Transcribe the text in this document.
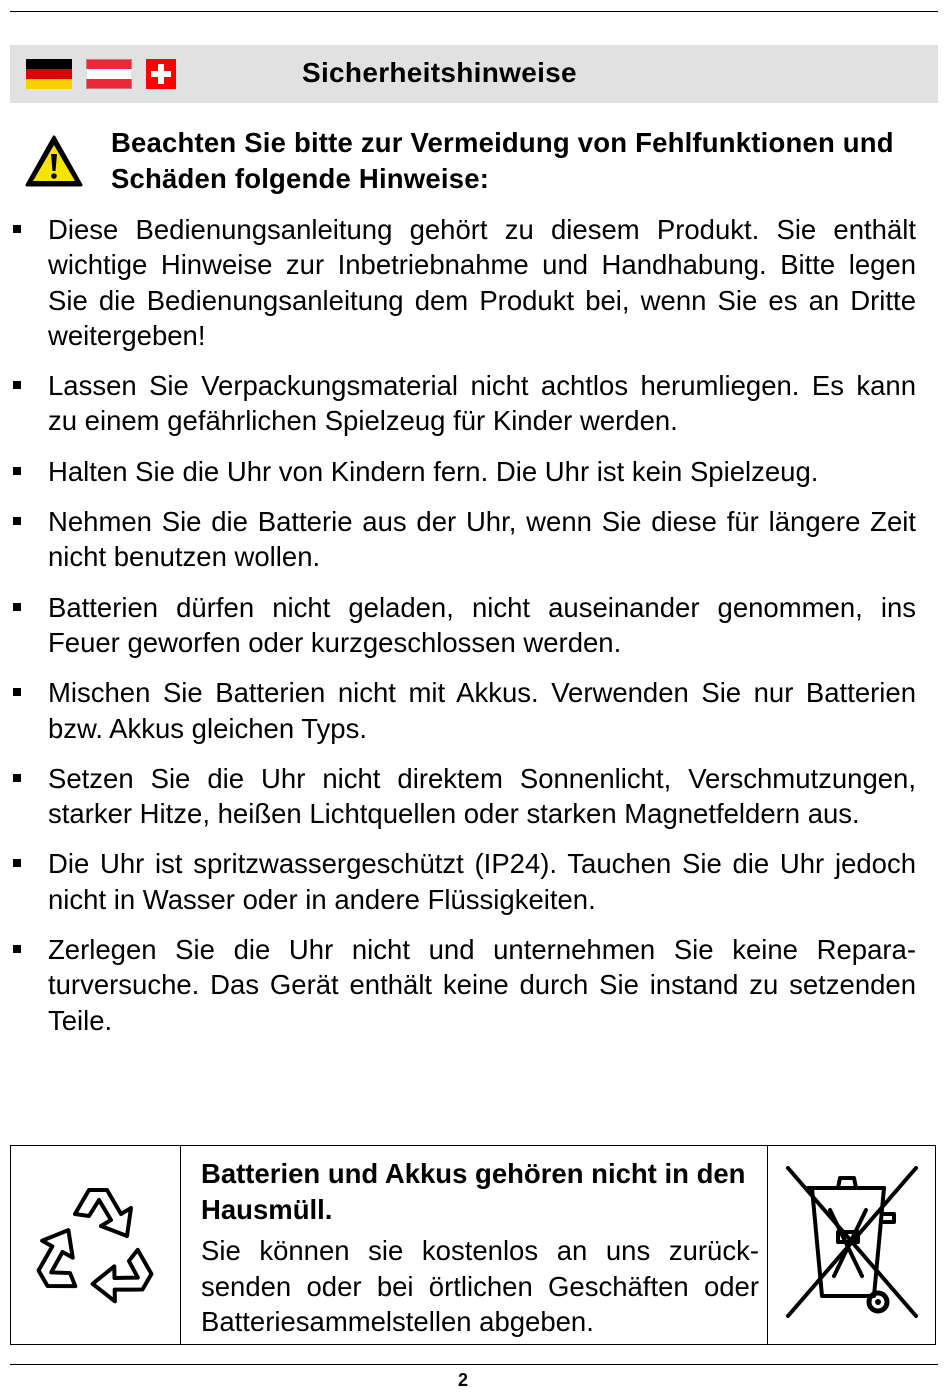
Sicherheitshinweise
Beachten Sie bitte zur Vermeidung von Fehlfunktionen und Schäden folgende Hinweise:
Diese Bedienungsanleitung gehört zu diesem Produkt. Sie enthält wichtige Hinweise zur Inbetriebnahme und Handhabung. Bitte legen Sie die Bedienungsanleitung dem Produkt bei, wenn Sie es an Dritte weitergeben!
Lassen Sie Verpackungsmaterial nicht achtlos herumliegen. Es kann zu einem gefährlichen Spielzeug für Kinder werden.
Halten Sie die Uhr von Kindern fern. Die Uhr ist kein Spielzeug.
Nehmen Sie die Batterie aus der Uhr, wenn Sie diese für längere Zeit nicht benutzen wollen.
Batterien dürfen nicht geladen, nicht auseinander genommen, ins Feuer geworfen oder kurzgeschlossen werden.
Mischen Sie Batterien nicht mit Akkus. Verwenden Sie nur Batterien bzw. Akkus gleichen Typs.
Setzen Sie die Uhr nicht direktem Sonnenlicht, Verschmutzungen, starker Hitze, heißen Lichtquellen oder starken Magnetfeldern aus.
Die Uhr ist spritzwassergeschützt (IP24). Tauchen Sie die Uhr jedoch nicht in Wasser oder in andere Flüssigkeiten.
Zerlegen Sie die Uhr nicht und unternehmen Sie keine Reparaturversuche. Das Gerät enthält keine durch Sie instand zu setzenden Teile.
Batterien und Akkus gehören nicht in den Hausmüll.
Sie können sie kostenlos an uns zurücksenden oder bei örtlichen Geschäften oder Batteriesammelstellen abgeben.
2
